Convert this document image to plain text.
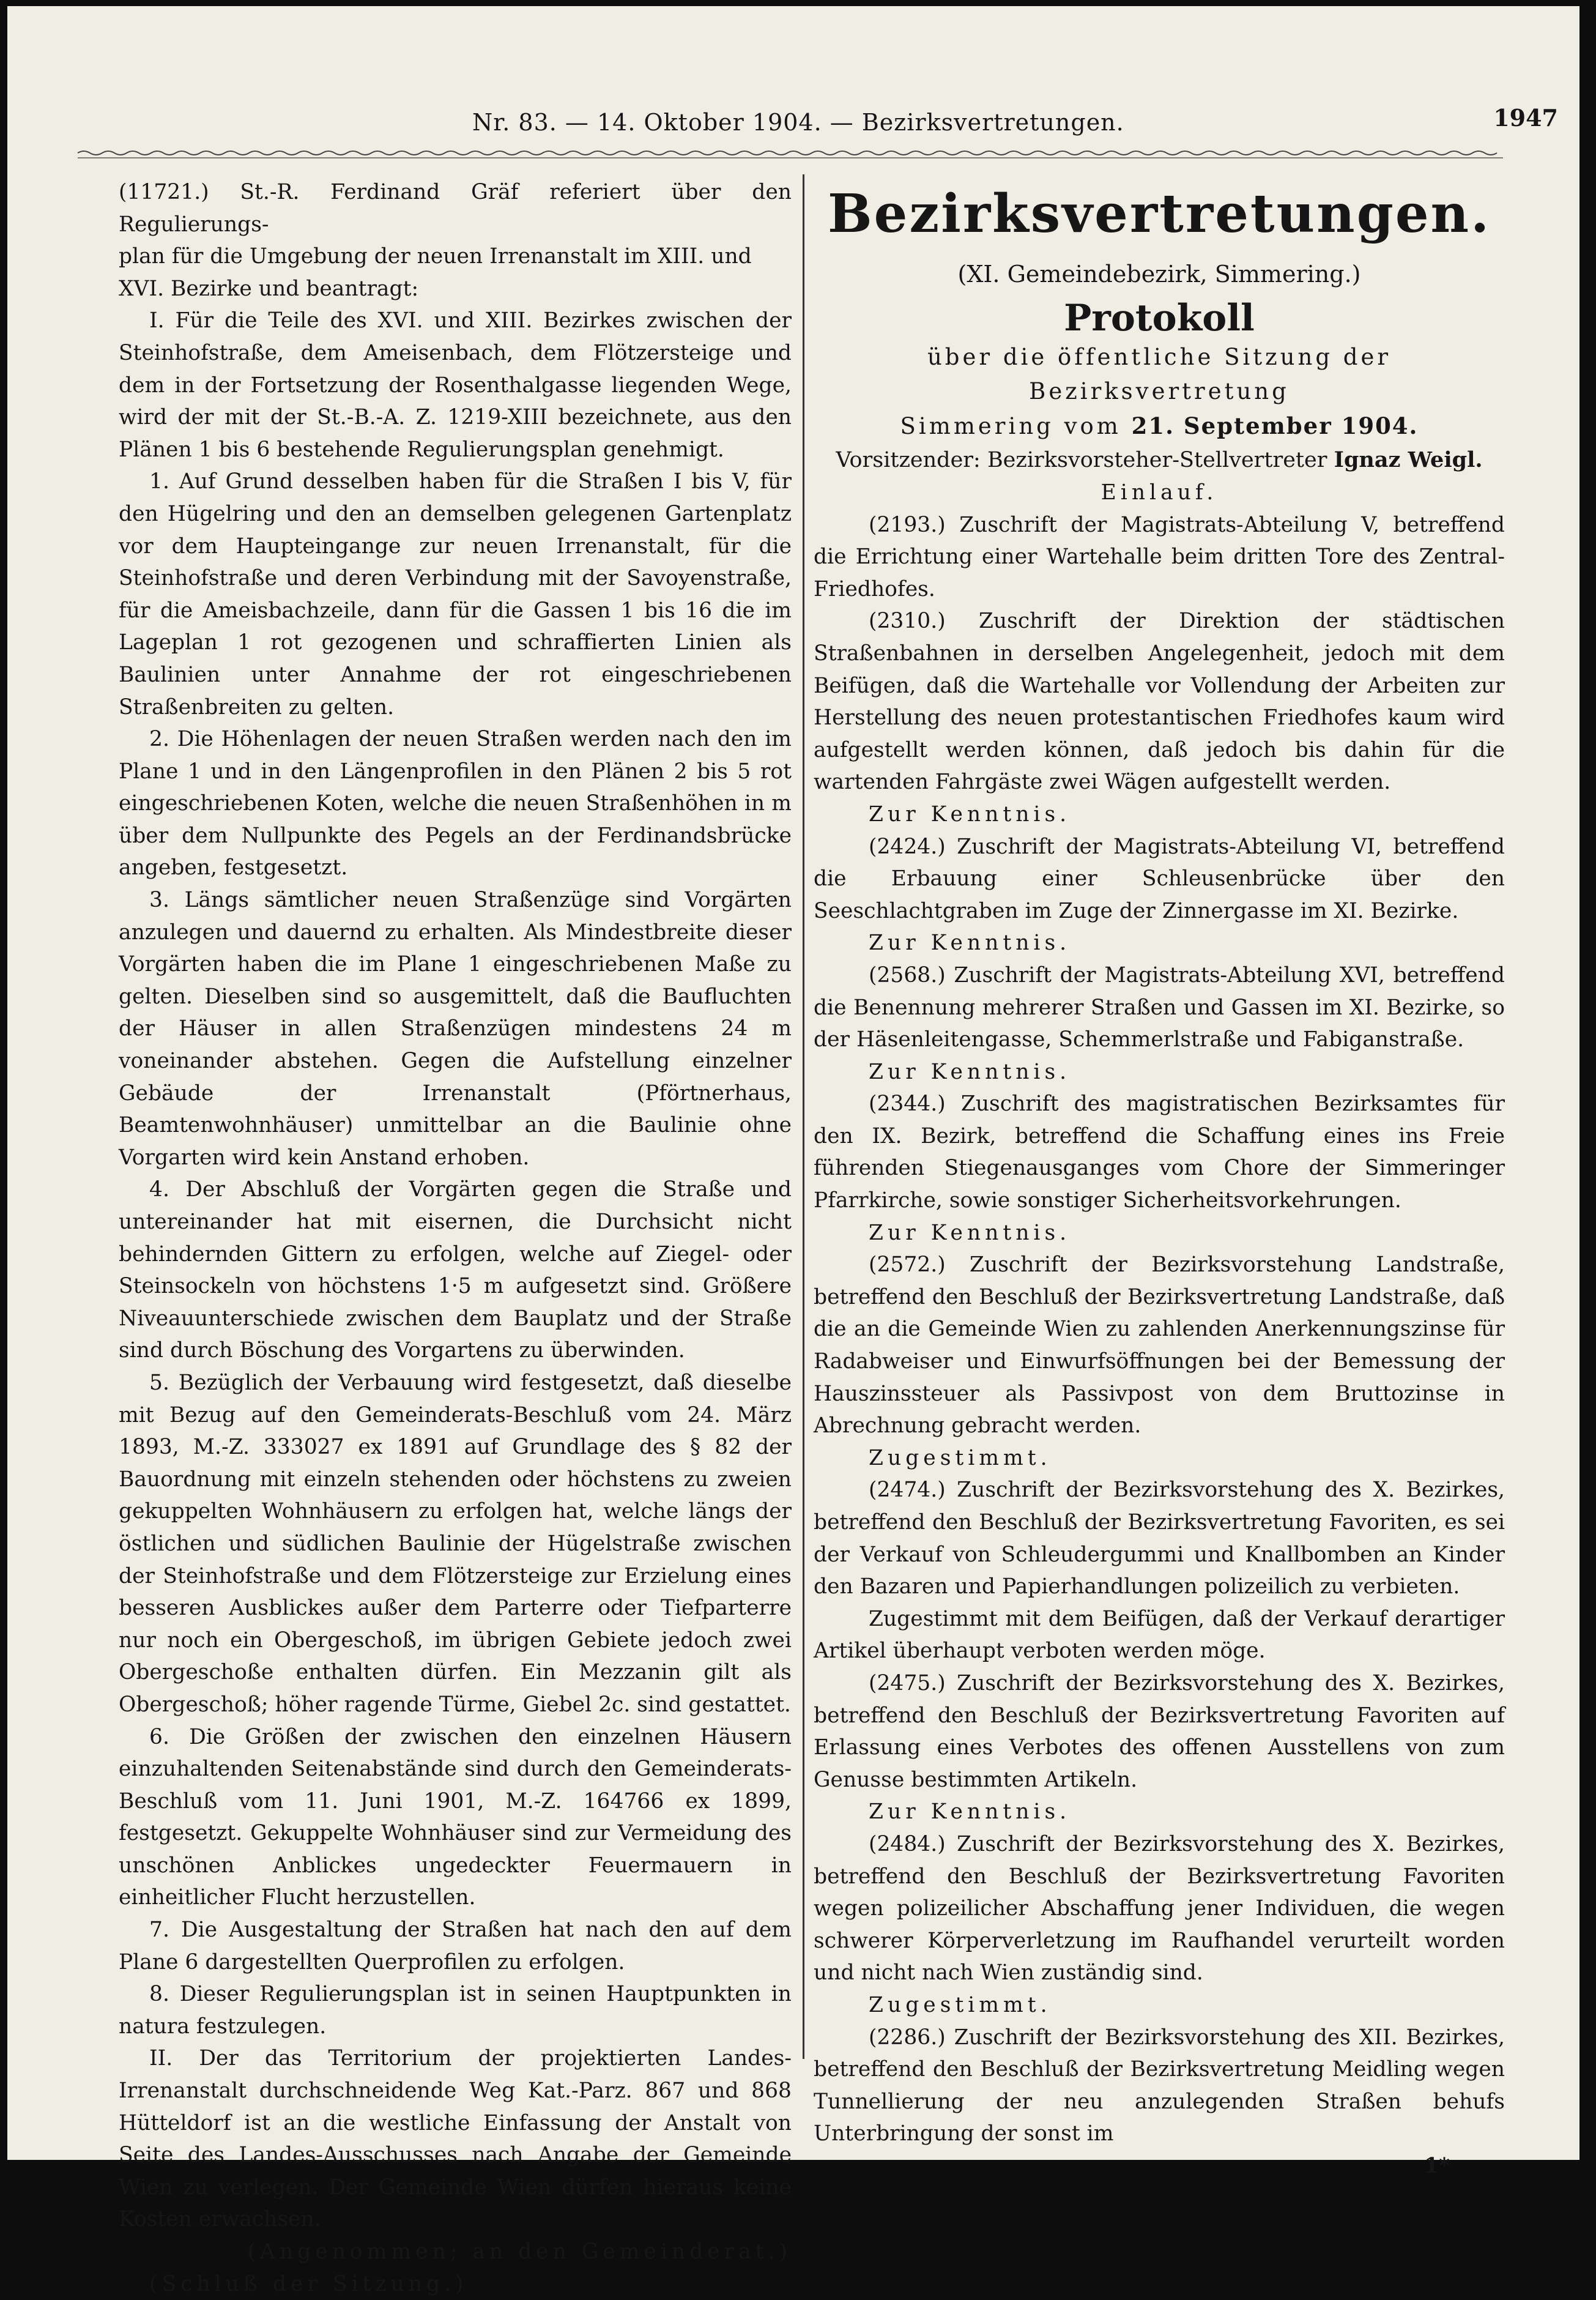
Nr. 83. — 14. Oktober 1904. — Bezirksvertretungen.	1947

(11721.) St.-R. Ferdinand Gräf referiert über den Regulierungs-

plan für die Umgebung der neuen Irrenanstalt im XIII. und

XVI. Bezirke und beantragt:

I. Für die Teile des XVI. und XIII. Bezirkes zwischen der Steinhofstraße, dem Ameisenbach, dem Flötzersteige und dem in der Fortsetzung der Rosenthalgasse liegenden Wege, wird der mit der St.-B.-A. Z. 1219-XIII bezeichnete, aus den Plänen 1 bis 6 bestehende Regulierungsplan genehmigt.

1. Auf Grund desselben haben für die Straßen I bis V, für den Hügelring und den an demselben gelegenen Gartenplatz vor dem Haupteingange zur neuen Irrenanstalt, für die Steinhofstraße und deren Verbindung mit der Savoyenstraße, für die Ameisbachzeile, dann für die Gassen 1 bis 16 die im Lageplan 1 rot gezogenen und schraffierten Linien als Baulinien unter Annahme der rot eingeschriebenen Straßenbreiten zu gelten.

2. Die Höhenlagen der neuen Straßen werden nach den im Plane 1 und in den Längenprofilen in den Plänen 2 bis 5 rot eingeschriebenen Koten, welche die neuen Straßenhöhen in m über dem Nullpunkte des Pegels an der Ferdinandsbrücke angeben, festgesetzt.

3. Längs sämtlicher neuen Straßenzüge sind Vorgärten anzulegen und dauernd zu erhalten. Als Mindestbreite dieser Vorgärten haben die im Plane 1 eingeschriebenen Maße zu gelten. Dieselben sind so ausgemittelt, daß die Baufluchten der Häuser in allen Straßenzügen mindestens 24 m voneinander abstehen. Gegen die Aufstellung einzelner Gebäude der Irrenanstalt (Pförtnerhaus, Beamtenwohnhäuser) unmittelbar an die Baulinie ohne Vorgarten wird kein Anstand erhoben.

4. Der Abschluß der Vorgärten gegen die Straße und untereinander hat mit eisernen, die Durchsicht nicht behindernden Gittern zu erfolgen, welche auf Ziegel- oder Steinsockeln von höchstens 1·5 m aufgesetzt sind. Größere Niveauunterschiede zwischen dem Bauplatz und der Straße sind durch Böschung des Vorgartens zu überwinden.

5. Bezüglich der Verbauung wird festgesetzt, daß dieselbe mit Bezug auf den Gemeinderats-Beschluß vom 24. März 1893, M.-Z. 333027 ex 1891 auf Grundlage des § 82 der Bauordnung mit einzeln stehenden oder höchstens zu zweien gekuppelten Wohnhäusern zu erfolgen hat, welche längs der östlichen und südlichen Baulinie der Hügelstraße zwischen der Steinhofstraße und dem Flötzersteige zur Erzielung eines besseren Ausblickes außer dem Parterre oder Tiefparterre nur noch ein Obergeschoß, im übrigen Gebiete jedoch zwei Obergeschoße enthalten dürfen. Ein Mezzanin gilt als Obergeschoß; höher ragende Türme, Giebel 2c. sind gestattet.

6. Die Größen der zwischen den einzelnen Häusern einzuhaltenden Seitenabstände sind durch den Gemeinderats-Beschluß vom 11. Juni 1901, M.-Z. 164766 ex 1899, festgesetzt. Gekuppelte Wohnhäuser sind zur Vermeidung des unschönen Anblickes ungedeckter Feuermauern in einheitlicher Flucht herzustellen.

7. Die Ausgestaltung der Straßen hat nach den auf dem Plane 6 dargestellten Querprofilen zu erfolgen.

8. Dieser Regulierungsplan ist in seinen Hauptpunkten in natura festzulegen.

II. Der das Territorium der projektierten Landes-Irrenanstalt durchschneidende Weg Kat.-Parz. 867 und 868 Hütteldorf ist an die westliche Einfassung der Anstalt von Seite des Landes-Ausschusses nach Angabe der Gemeinde Wien zu verlegen. Der Gemeinde Wien dürfen hieraus keine Kosten erwachsen.

(Angenommen; an den Gemeinderat.)

(Schluß der Sitzung.)

Bezirksvertretungen.
(XI. Gemeindebezirk, Simmering.)
Protokoll
über die öffentliche Sitzung der Bezirksvertretung
Simmering vom 21. September 1904.
Vorsitzender: Bezirksvorsteher-Stellvertreter Ignaz Weigl.

Einlauf.

(2193.) Zuschrift der Magistrats-Abteilung V, betreffend die Errichtung einer Wartehalle beim dritten Tore des Zentral-Friedhofes.

(2310.) Zuschrift der Direktion der städtischen Straßenbahnen in derselben Angelegenheit, jedoch mit dem Beifügen, daß die Wartehalle vor Vollendung der Arbeiten zur Herstellung des neuen protestantischen Friedhofes kaum wird aufgestellt werden können, daß jedoch bis dahin für die wartenden Fahrgäste zwei Wägen aufgestellt werden.

Zur Kenntnis.

(2424.) Zuschrift der Magistrats-Abteilung VI, betreffend die Erbauung einer Schleusenbrücke über den Seeschlachtgraben im Zuge der Zinnergasse im XI. Bezirke.

Zur Kenntnis.

(2568.) Zuschrift der Magistrats-Abteilung XVI, betreffend die Benennung mehrerer Straßen und Gassen im XI. Bezirke, so der Häsenleitengasse, Schemmerlstraße und Fabiganstraße.

Zur Kenntnis.

(2344.) Zuschrift des magistratischen Bezirksamtes für den IX. Bezirk, betreffend die Schaffung eines ins Freie führenden Stiegenausganges vom Chore der Simmeringer Pfarrkirche, sowie sonstiger Sicherheitsvorkehrungen.

Zur Kenntnis.

(2572.) Zuschrift der Bezirksvorstehung Landstraße, betreffend den Beschluß der Bezirksvertretung Landstraße, daß die an die Gemeinde Wien zu zahlenden Anerkennungszinse für Radabweiser und Einwurfsöffnungen bei der Bemessung der Hauszinssteuer als Passivpost von dem Bruttozinse in Abrechnung gebracht werden.

Zugestimmt.

(2474.) Zuschrift der Bezirksvorstehung des X. Bezirkes, betreffend den Beschluß der Bezirksvertretung Favoriten, es sei der Verkauf von Schleudergummi und Knallbomben an Kinder den Bazaren und Papierhandlungen polizeilich zu verbieten.

Zugestimmt mit dem Beifügen, daß der Verkauf derartiger Artikel überhaupt verboten werden möge.

(2475.) Zuschrift der Bezirksvorstehung des X. Bezirkes, betreffend den Beschluß der Bezirksvertretung Favoriten auf Erlassung eines Verbotes des offenen Ausstellens von zum Genusse bestimmten Artikeln.

Zur Kenntnis.

(2484.) Zuschrift der Bezirksvorstehung des X. Bezirkes, betreffend den Beschluß der Bezirksvertretung Favoriten wegen polizeilicher Abschaffung jener Individuen, die wegen schwerer Körperverletzung im Raufhandel verurteilt worden und nicht nach Wien zuständig sind.

Zugestimmt.

(2286.) Zuschrift der Bezirksvorstehung des XII. Bezirkes, betreffend den Beschluß der Bezirksvertretung Meidling wegen Tunnellierung der neu anzulegenden Straßen behufs Unterbringung der sonst im

1*
